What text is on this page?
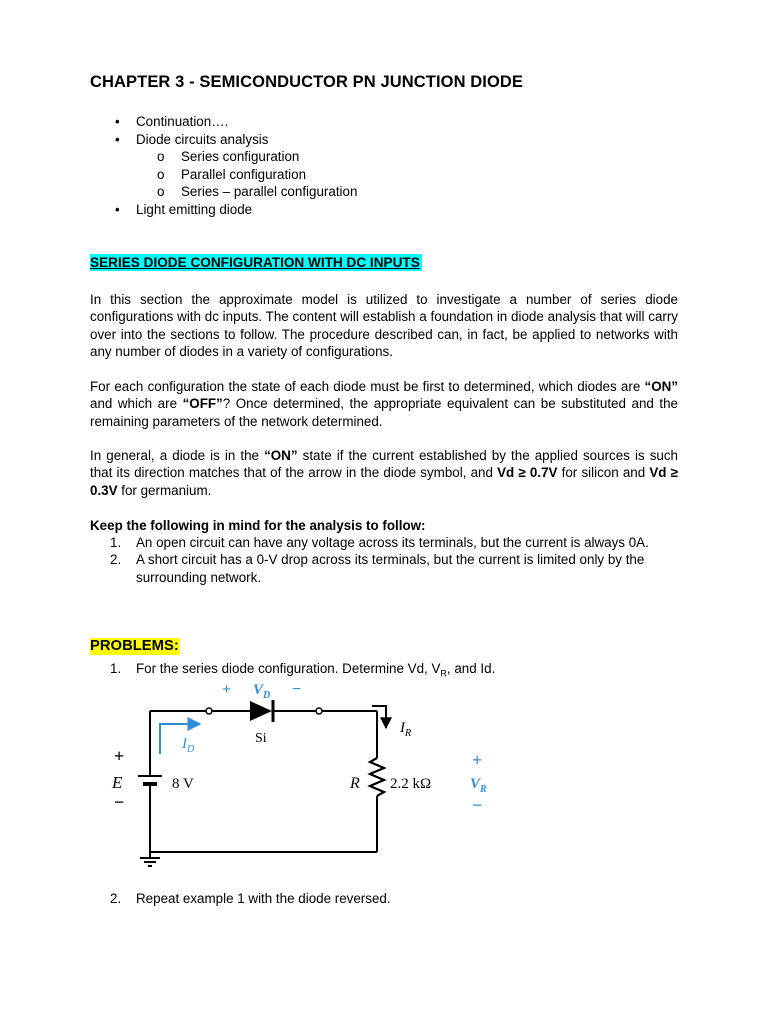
CHAPTER 3 - SEMICONDUCTOR PN JUNCTION DIODE
• Continuation….
• Diode circuits analysis
o Series configuration
o Parallel configuration
o Series – parallel configuration
• Light emitting diode
SERIES DIODE CONFIGURATION WITH DC INPUTS

In this section the approximate model is utilized to investigate a number of series diode configurations with dc inputs. The content will establish a foundation in diode analysis that will carry over into the sections to follow. The procedure described can, in fact, be applied to networks with any number of diodes in a variety of configurations.

For each configuration the state of each diode must be first to determined, which diodes are “ON” and which are “OFF”? Once determined, the appropriate equivalent can be substituted and the remaining parameters of the network determined.

In general, a diode is in the “ON” state if the current established by the applied sources is such that its direction matches that of the arrow in the diode symbol, and Vd ≥ 0.7V for silicon and Vd ≥ 0.3V for germanium.

Keep the following in mind for the analysis to follow:

1. An open circuit can have any voltage across its terminals, but the current is always 0A.
2. A short circuit has a 0-V drop across its terminals, but the current is limited only by the surrounding network.
PROBLEMS:

1. For the series diode configuration. Determine Vd, $V_R$, and Id.

+ $V_D$ −
$I_D$
Si
$I_R$
+
E
−
8 V	R 2.2 kΩ
+
$V_R$
−

2. Repeat example 1 with the diode reversed.
